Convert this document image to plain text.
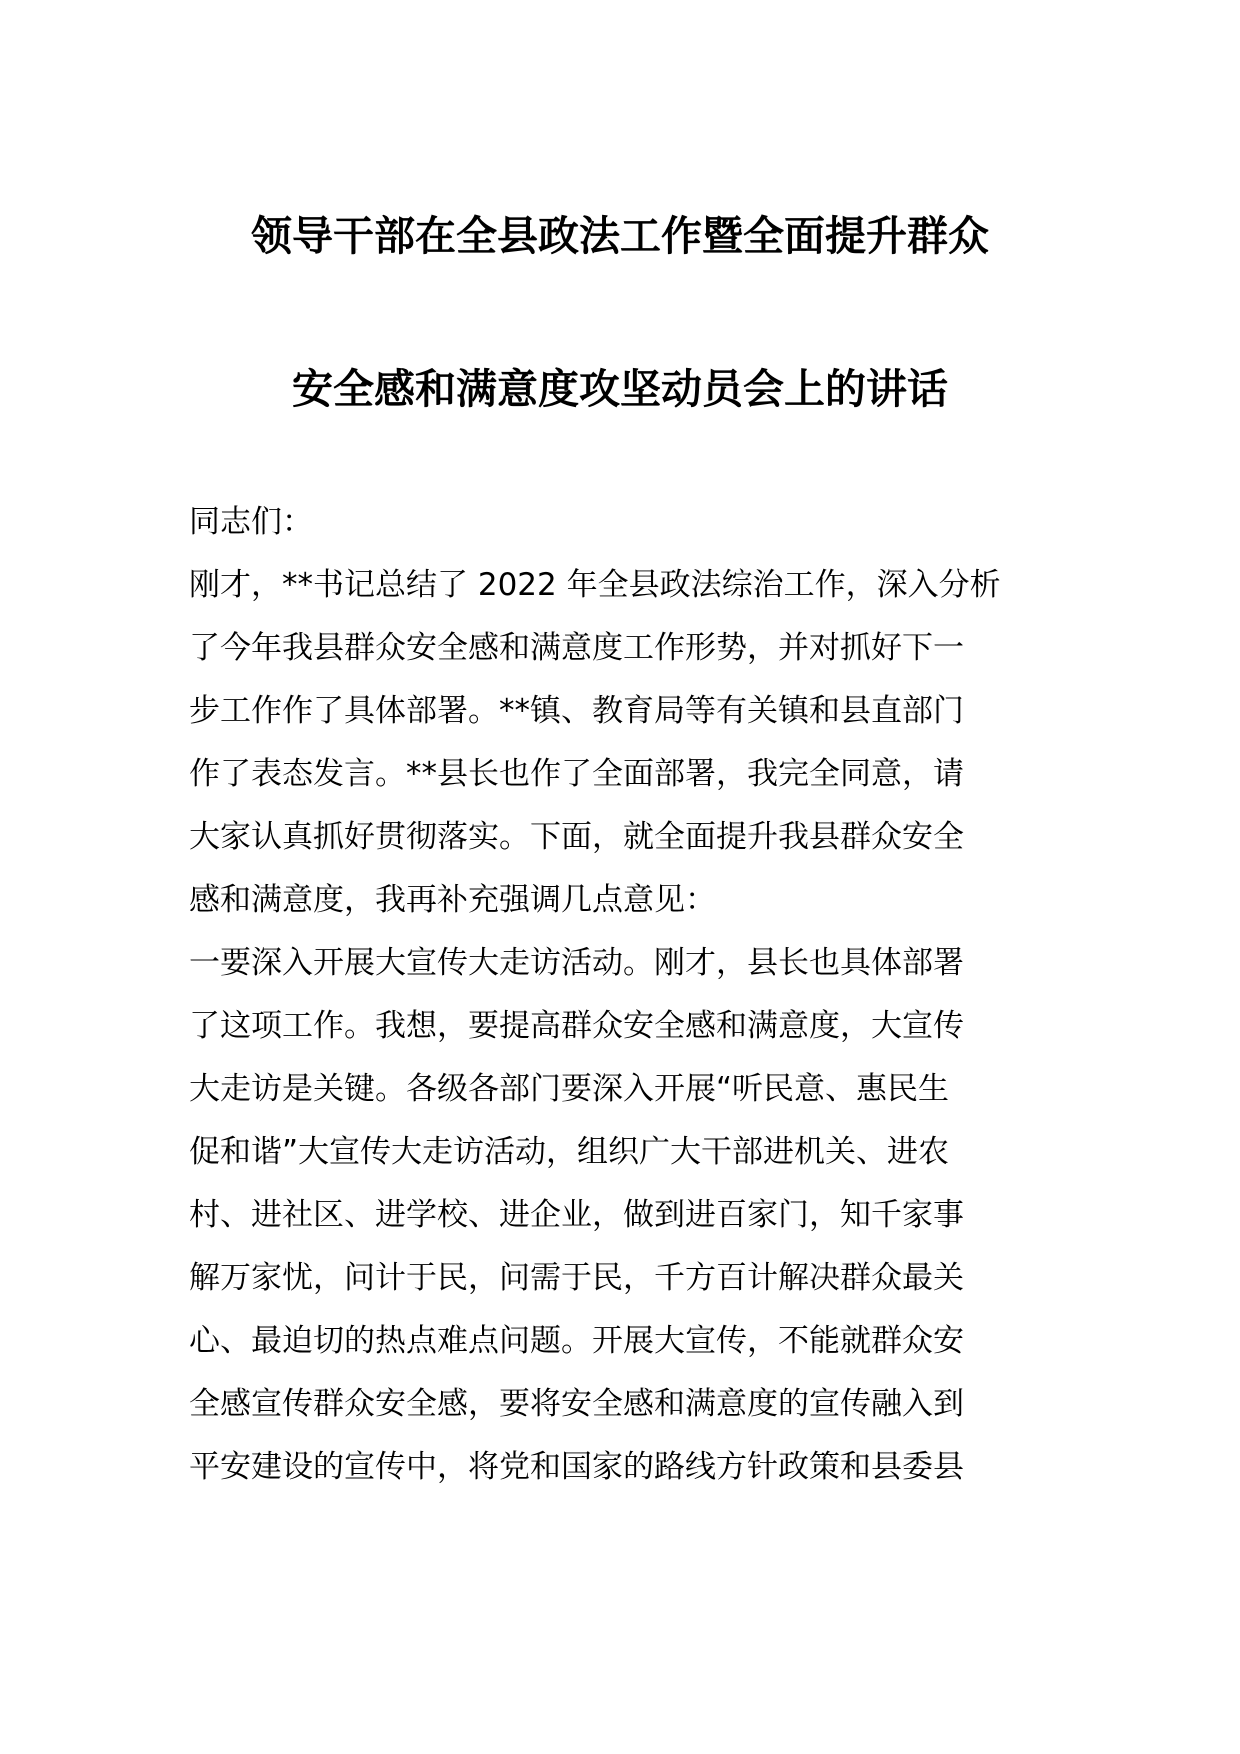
领导干部在全县政法工作暨全面提升群众
安全感和满意度攻坚动员会上的讲话

同志们：

刚才，**书记总结了 2022 年全县政法综治工作，深入分析

了今年我县群众安全感和满意度工作形势，并对抓好下一

步工作作了具体部署。**镇、教育局等有关镇和县直部门

作了表态发言。**县长也作了全面部署，我完全同意，请

大家认真抓好贯彻落实。下面，就全面提升我县群众安全

感和满意度，我再补充强调几点意见：

一要深入开展大宣传大走访活动。刚才，县长也具体部署

了这项工作。我想，要提高群众安全感和满意度，大宣传

大走访是关键。各级各部门要深入开展“听民意、惠民生

促和谐”大宣传大走访活动，组织广大干部进机关、进农

村、进社区、进学校、进企业，做到进百家门，知千家事

解万家忧，问计于民，问需于民，千方百计解决群众最关

心、最迫切的热点难点问题。开展大宣传，不能就群众安

全感宣传群众安全感，要将安全感和满意度的宣传融入到

平安建设的宣传中，将党和国家的路线方针政策和县委县
